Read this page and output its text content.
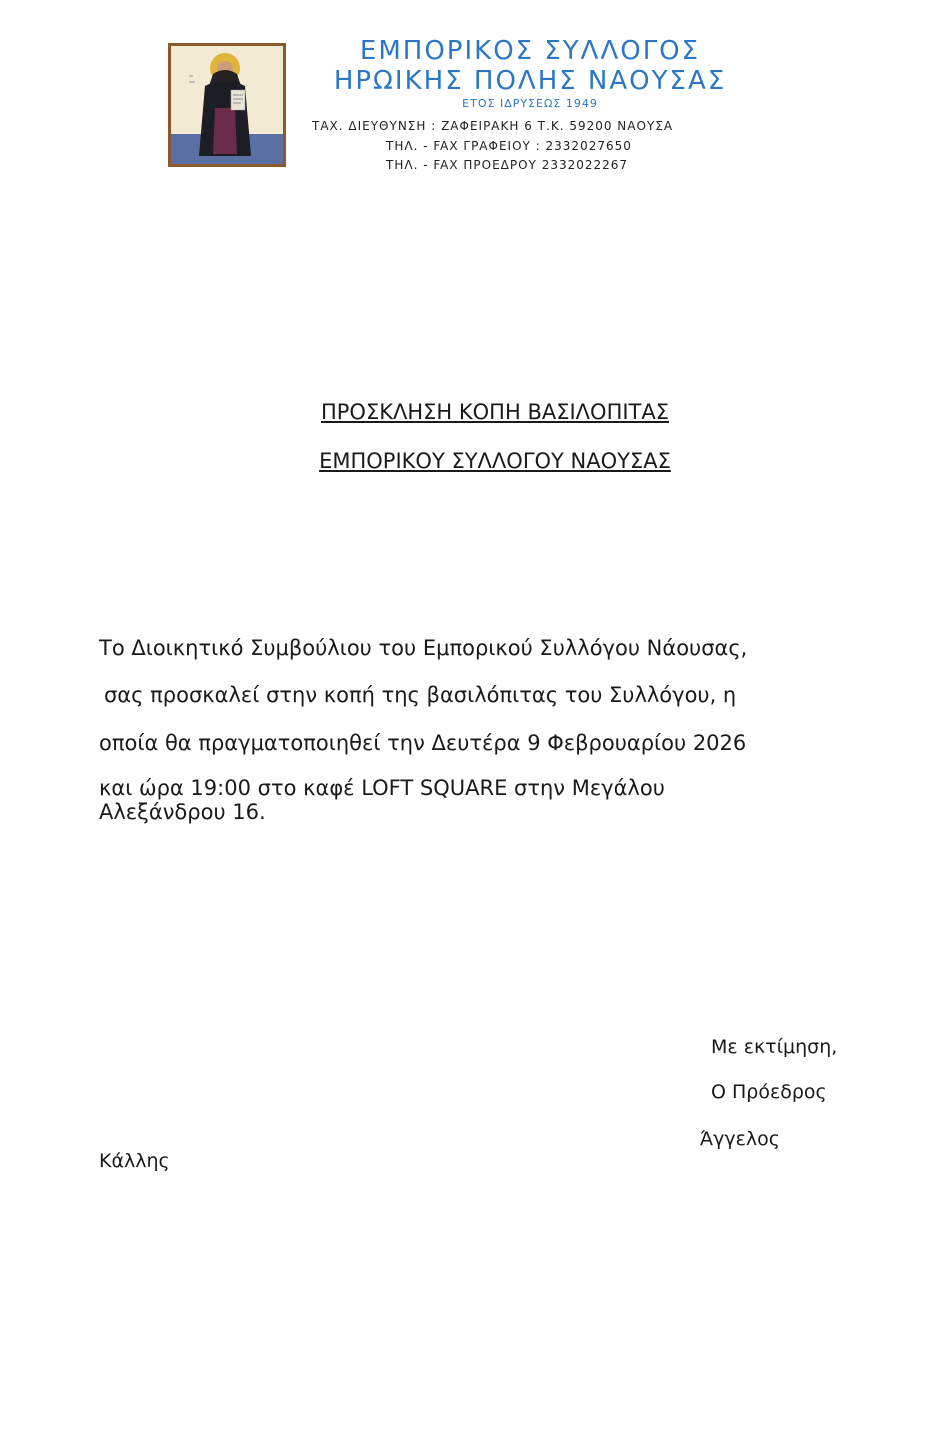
ΕΜΠΟΡΙΚΟΣ ΣΥΛΛΟΓΟΣ

ΗΡΩΙΚΗΣ ΠΟΛΗΣ ΝΑΟΥΣΑΣ

ΕΤΟΣ ΙΔΡΥΣΕΩΣ 1949
ΤΑΧ. ΔΙΕΥΘΥΝΣΗ : ΖΑΦΕΙΡΑΚΗ 6 Τ.Κ. 59200 ΝΑΟΥΣΑ
ΤΗΛ. - FAX ΓΡΑΦΕΙΟΥ : 2332027650
ΤΗΛ. - FAX ΠΡΟΕΔΡΟΥ 2332022267

ΠΡΟΣΚΛΗΣΗ ΚΟΠΗ ΒΑΣΙΛΟΠΙΤΑΣ

ΕΜΠΟΡΙΚΟΥ ΣΥΛΛΟΓΟΥ ΝΑΟΥΣΑΣ

Το Διοικητικό Συμβούλιου του Εμπορικού Συλλόγου Νάουσας,

σας προσκαλεί στην κοπή της βασιλόπιτας του Συλλόγου, η

οποία θα πραγματοποιηθεί την Δευτέρα 9 Φεβρουαρίου 2026

και ώρα 19:00 στο καφέ LOFT SQUARE στην Μεγάλου

Αλεξάνδρου 16.

Με εκτίμηση,

Ο Πρόεδρος

Άγγελος

Κάλλης
